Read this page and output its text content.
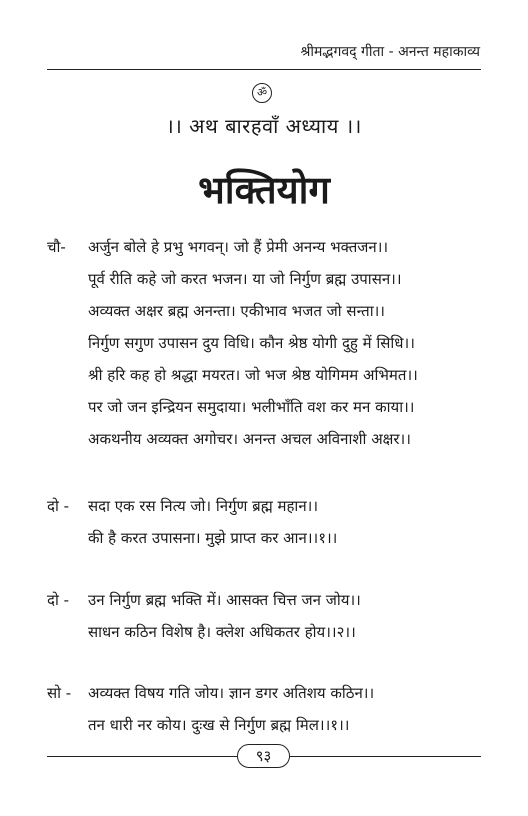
श्रीमद्भगवद् गीता - अनन्त महाकाव्य
ॐ
।। अथ बारहवाँ अध्याय ।।
भक्तियोग
चौ- अर्जुन बोले हे प्रभु भगवन्। जो हैं प्रेमी अनन्य भक्तजन।।
पूर्व रीति कहे जो करत भजन। या जो निर्गुण ब्रह्म उपासन।।
अव्यक्त अक्षर ब्रह्म अनन्ता। एकीभाव भजत जो सन्ता।।
निर्गुण सगुण उपासन दुय विधि। कौन श्रेष्ठ योगी दुहु में सिधि।।
श्री हरि कह हो श्रद्धा मयरत। जो भज श्रेष्ठ योगिमम अभिमत।।
पर जो जन इन्द्रियन समुदाया। भलीभाँति वश कर मन काया।।
अकथनीय अव्यक्त अगोचर। अनन्त अचल अविनाशी अक्षर।।
दो - सदा एक रस नित्य जो। निर्गुण ब्रह्म महान।।
की है करत उपासना। मुझे प्राप्त कर आन।।१।।
दो - उन निर्गुण ब्रह्म भक्ति में। आसक्त चित्त जन जोय।।
साधन कठिन विशेष है। क्लेश अधिकतर होय।।२।।
सो - अव्यक्त विषय गति जोय। ज्ञान डगर अतिशय कठिन।।
तन धारी नर कोय। दुःख से निर्गुण ब्रह्म मिल।।१।।
९३
